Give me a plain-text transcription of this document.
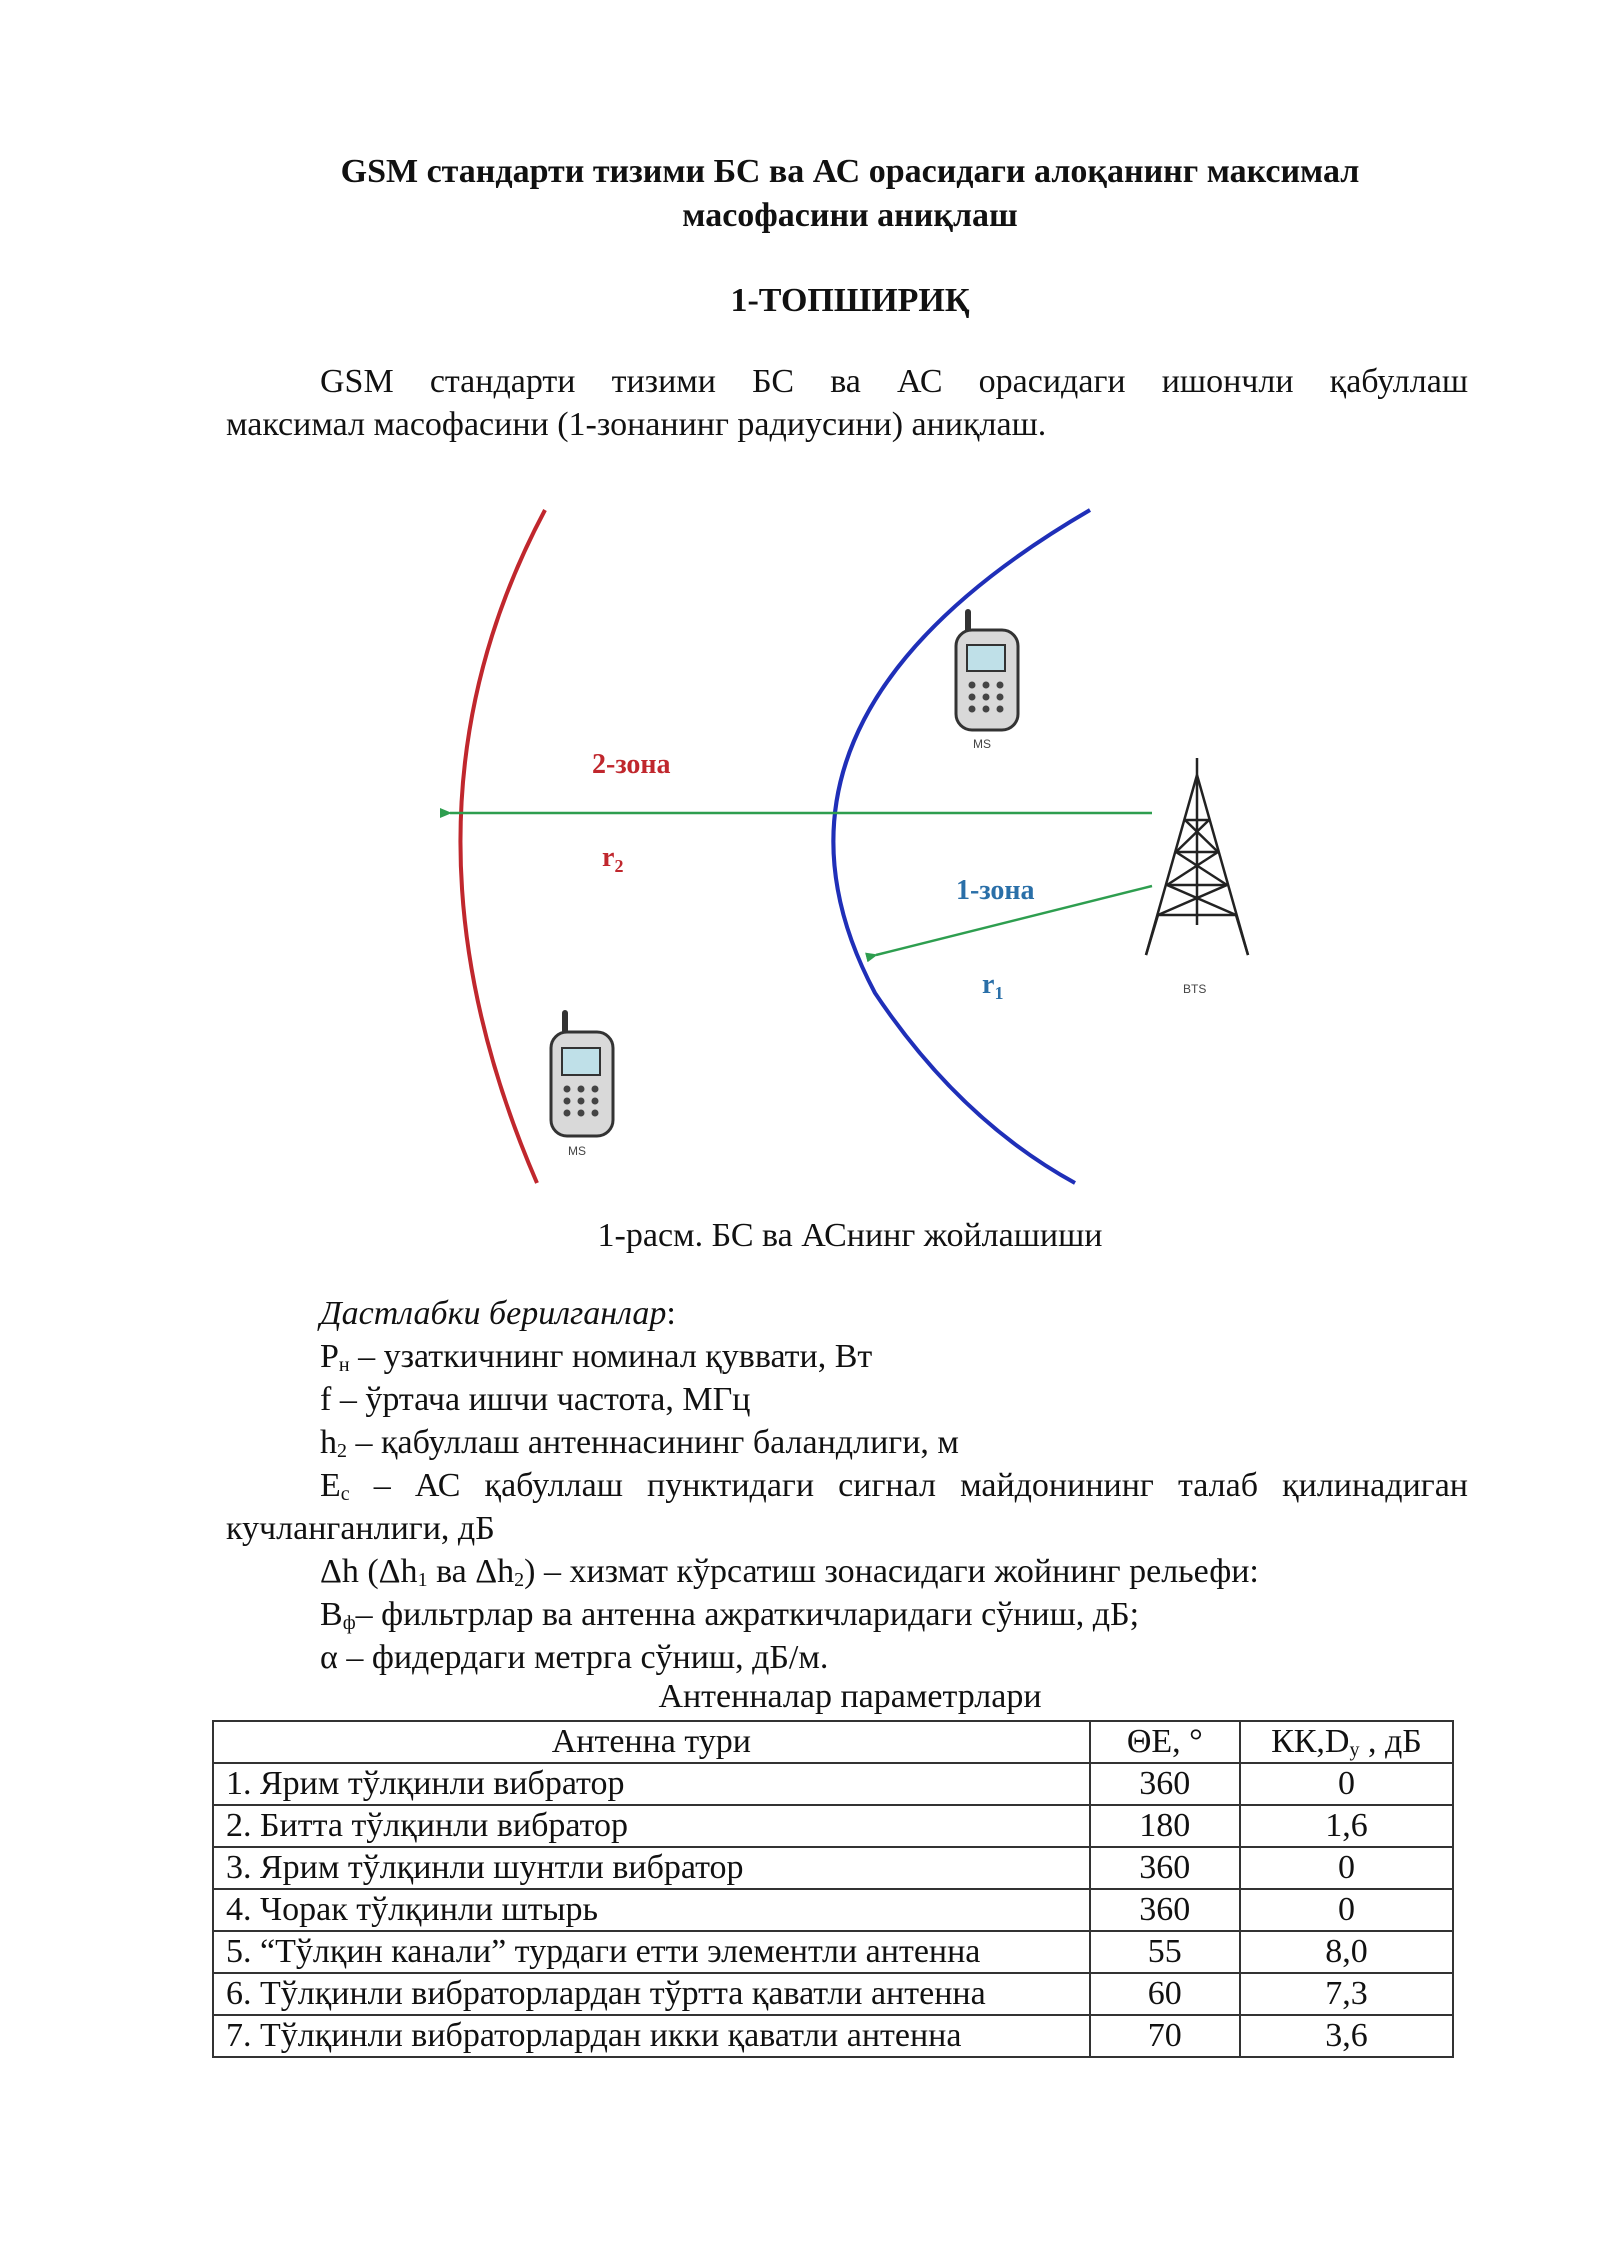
GSM стандарти тизими БС ва АС орасидаги алоқанинг максимал
масофасини аниқлаш
1-ТОПШИРИҚ
GSM стандарти тизими БС ва АС орасидаги ишончли қабуллаш
максимал масофасини (1-зонанинг радиусини) аниқлаш.
2-зона
$r_2$
1-зона
$r_1$	BTS
MS
MS
1-расм. БС ва АСнинг жойлашиши
Дастлабки берилганлар:
$P_н$ – узаткичнинг номинал қуввати, Вт
f – ўртача ишчи частота, МГц
$h_2$ – қабуллаш антеннасининг баландлиги, м
$E_c$ – АС қабуллаш пунктидаги сигнал майдонининг талаб қилинадиган
кучланганлиги, дБ
Δh ($\Delta h_1$ ва $\Delta h_2$) – хизмат кўрсатиш зонасидаги жойнинг рельефи:
$B_ф-$ фильтрлар ва антенна ажраткичларидаги сўниш, дБ;
α – фидердаги метрга сўниш, дБ/м.
Антенналар параметрлари
Антенна тури	ΘE, °	$КК,D_у$ , дБ
1. Ярим тўлқинли вибратор	360	0
2. Битта тўлқинли вибратор	180	1,6
3. Ярим тўлқинли шунтли вибратор	360	0
4. Чорак тўлқинли штырь	360	0
5. “Тўлқин канали” турдаги етти элементли антенна	55	8,0
6. Тўлқинли вибраторлардан тўртта қаватли антенна	60	7,3
7. Тўлқинли вибраторлардан икки қаватли антенна	70	3,6
